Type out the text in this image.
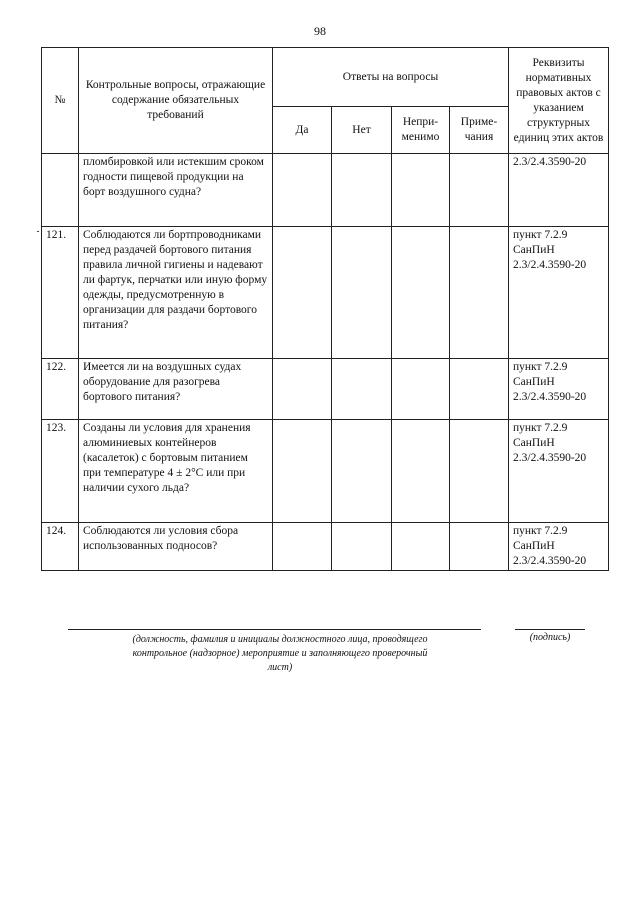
98
№	Контрольные вопросы, отражающие содержание обязательных требований	Ответы на вопросы				Реквизиты нормативных правовых актов с указанием структурных единиц этих актов
		Да	Нет	Непри-менимо	Приме-чания	
	пломбировкой или истекшим сроком годности пищевой продукции на борт воздушного судна?					2.3/2.4.3590-20
121.	Соблюдаются ли бортпроводниками перед раздачей бортового питания правила личной гигиены и надевают ли фартук, перчатки или иную форму одежды, предусмотренную в организации для раздачи бортового питания?					пункт 7.2.9 СанПиН 2.3/2.4.3590-20
122.	Имеется ли на воздушных судах оборудование для разогрева бортового питания?					пункт 7.2.9 СанПиН 2.3/2.4.3590-20
123.	Созданы ли условия для хранения алюминиевых контейнеров (касалеток) с бортовым питанием при температуре 4 ± 2°С или при наличии сухого льда?					пункт 7.2.9 СанПиН 2.3/2.4.3590-20
124.	Соблюдаются ли условия сбора использованных подносов?					пункт 7.2.9 СанПиН 2.3/2.4.3590-20
(должность, фамилия и инициалы должностного лица, проводящего контрольное (надзорное) мероприятие и заполняющего проверочный лист)
(подпись)
